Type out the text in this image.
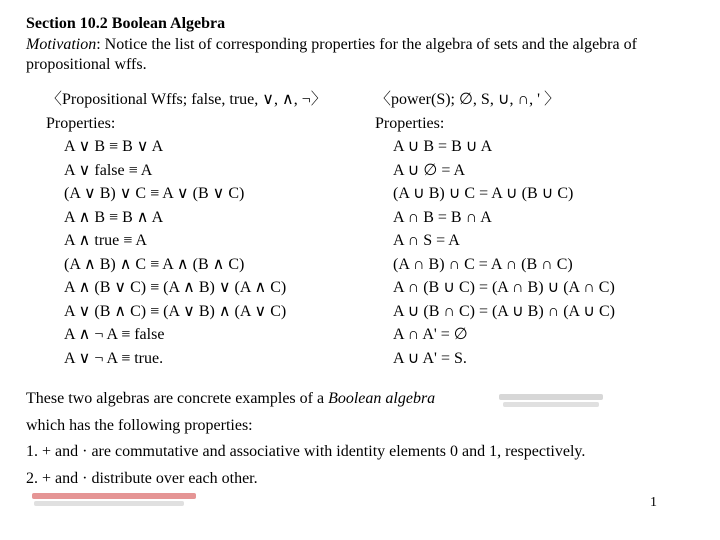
Section 10.2 Boolean Algebra
Motivation: Notice the list of corresponding properties for the algebra of sets and the algebra of propositional wffs.
〈Propositional Wffs; false, true, ∨, ∧, ¬〉
Properties:
A ∨ B ≡ B ∨ A
A ∨ false ≡ A
(A ∨ B) ∨ C ≡ A ∨ (B ∨ C)
A ∧ B ≡ B ∧ A
A ∧ true ≡ A
(A ∧ B) ∧ C ≡ A ∧ (B ∧ C)
A ∧ (B ∨ C) ≡ (A ∧ B) ∨ (A ∧ C)
A ∨ (B ∧ C) ≡ (A ∨ B) ∧ (A ∨ C)
A ∧ ¬ A ≡ false
A ∨ ¬ A ≡ true.
〈power(S); ∅, S, ∪, ∩, ' 〉
Properties:
A ∪ B = B ∪ A
A ∪ ∅ = A
(A ∪ B) ∪ C = A ∪ (B ∪ C)
A ∩ B = B ∩ A
A ∩ S = A
(A ∩ B) ∩ C = A ∩ (B ∩ C)
A ∩ (B ∪ C) = (A ∩ B) ∪ (A ∩ C)
A ∪ (B ∩ C) = (A ∪ B) ∩ (A ∪ C)
A ∩ A' = ∅
A ∪ A' = S.
These two algebras are concrete examples of a Boolean algebra
which has the following properties:
1. + and · are commutative and associative with identity elements 0 and 1, respectively.
2. + and · distribute over each other.
1
